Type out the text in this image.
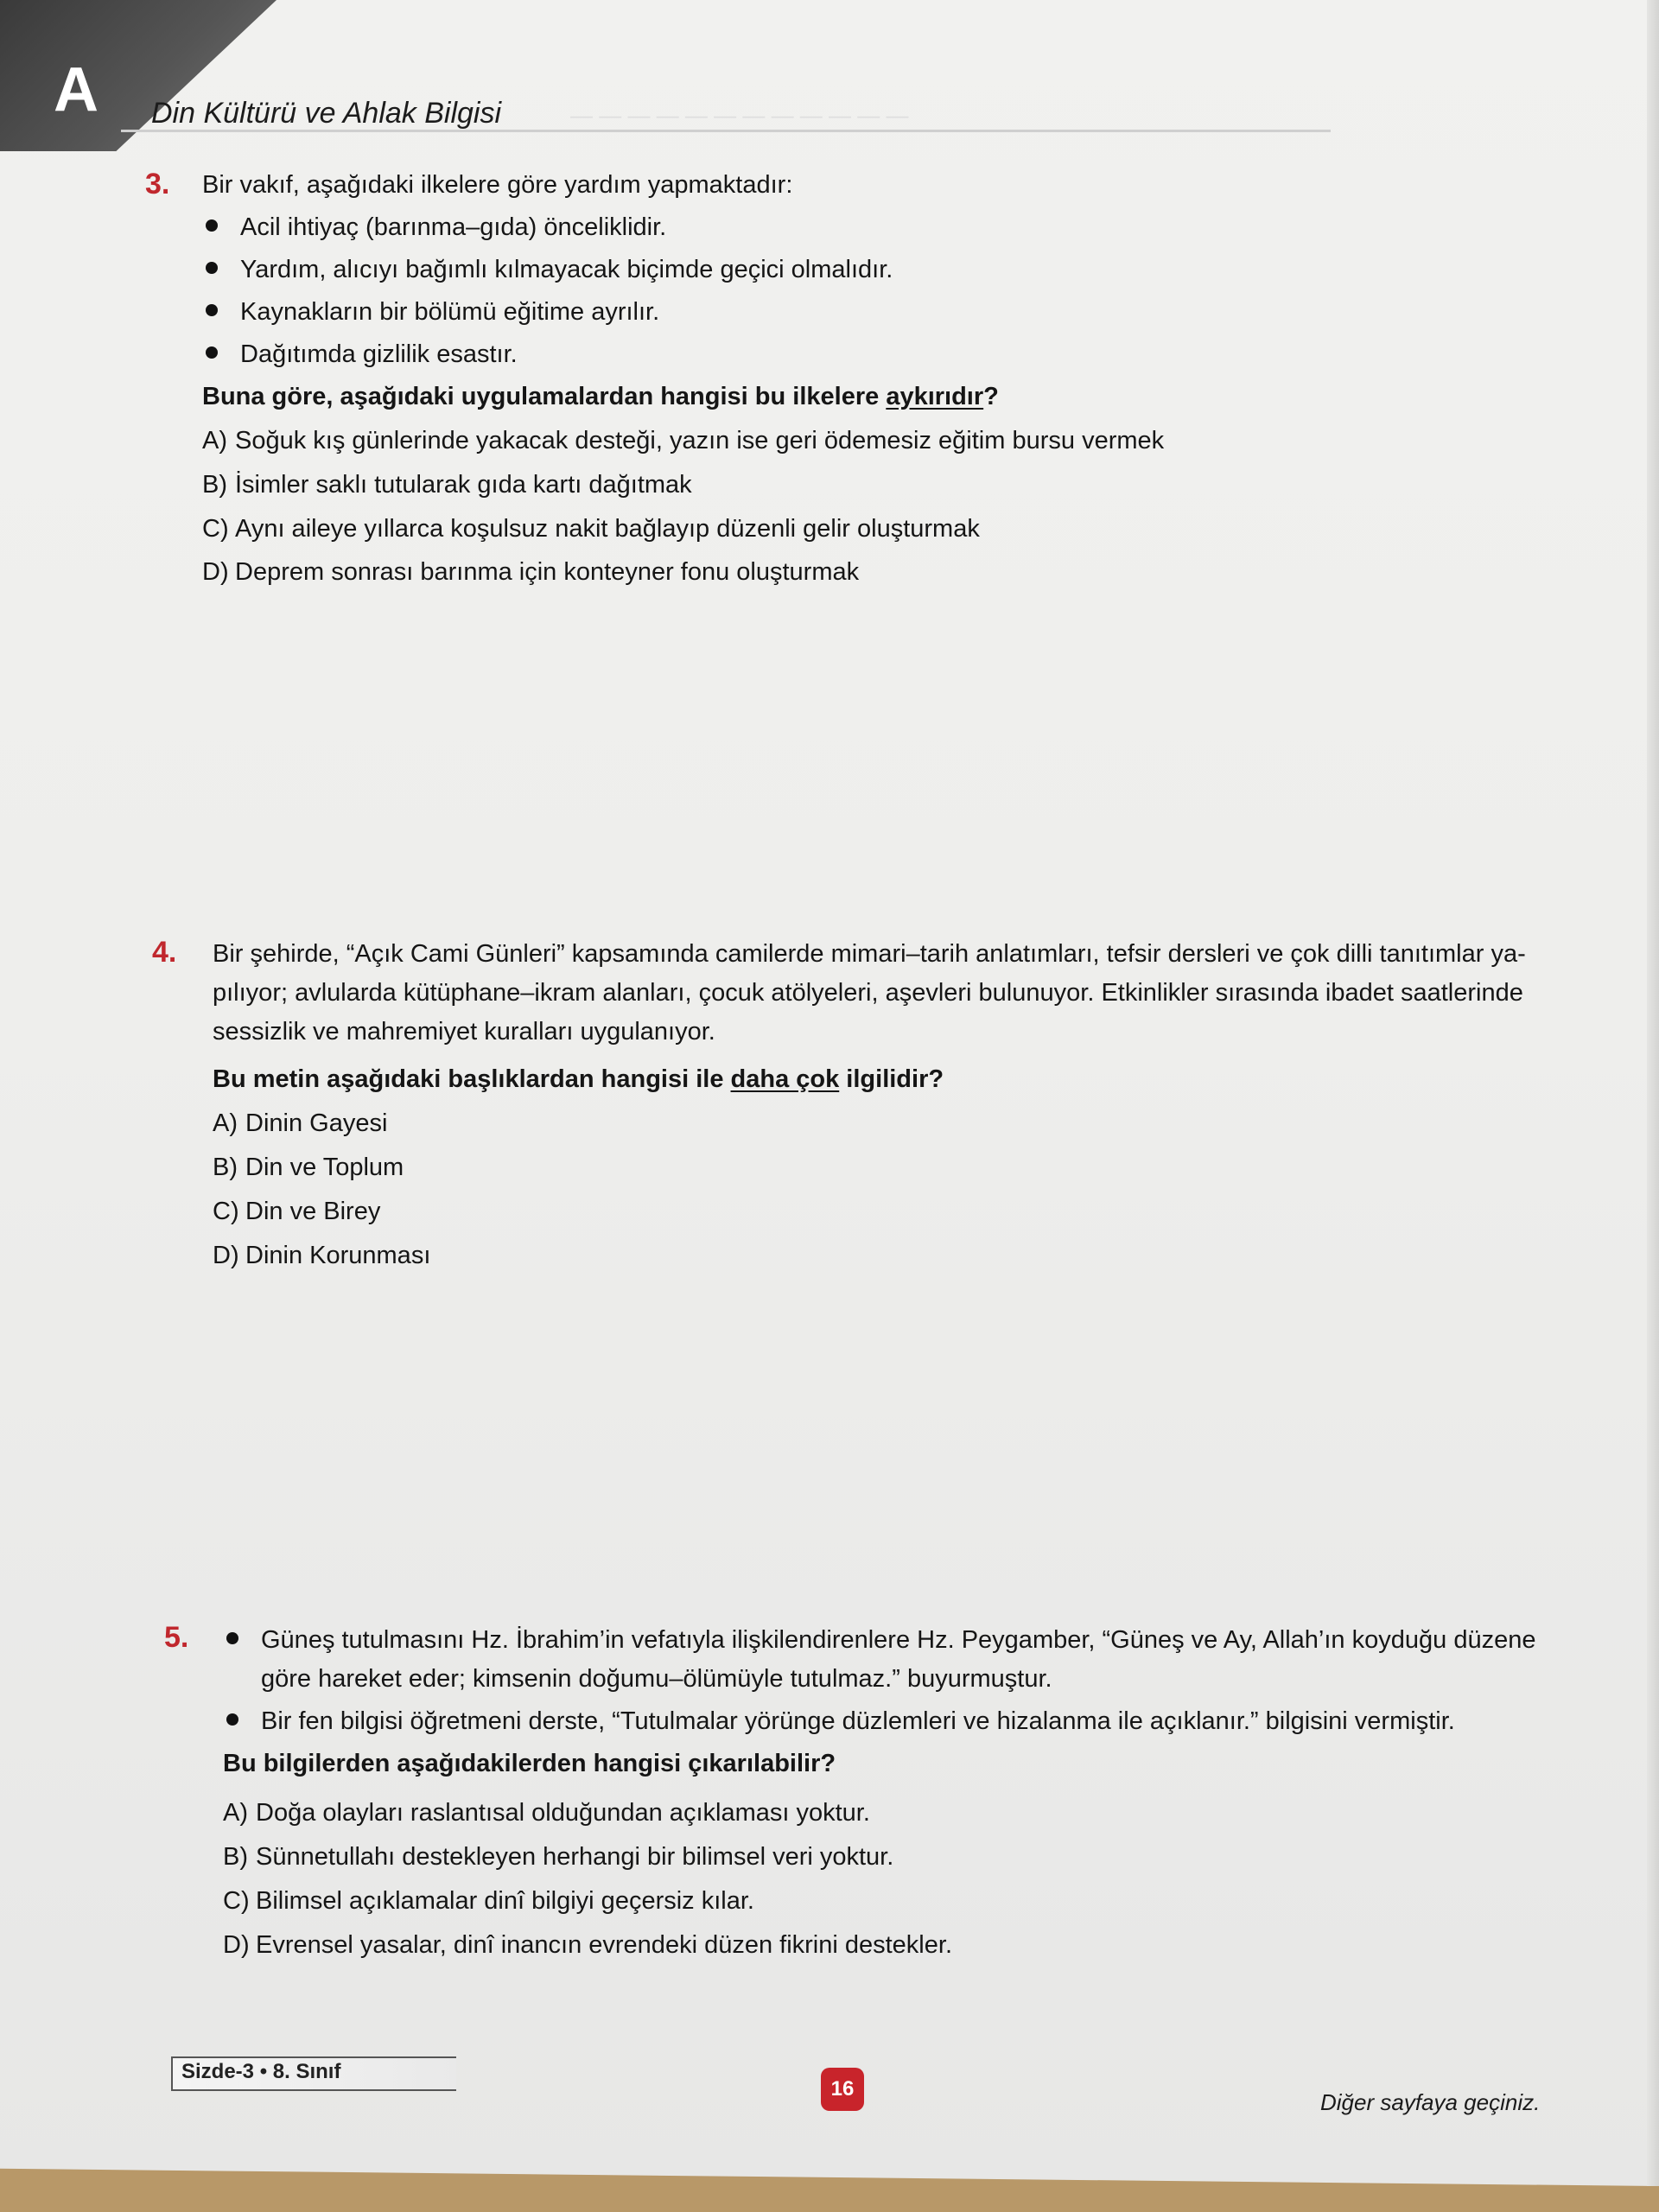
— — — — — — — — — — — —
A Din Kültürü ve Ahlak Bilgisi
3. Bir vakıf, aşağıdaki ilkelere göre yardım yapmaktadır:
Acil ihtiyaç (barınma–gıda) önceliklidir.
Yardım, alıcıyı bağımlı kılmayacak biçimde geçici olmalıdır.
Kaynakların bir bölümü eğitime ayrılır.
Dağıtımda gizlilik esastır.
Buna göre, aşağıdaki uygulamalardan hangisi bu ilkelere aykırıdır?
A) Soğuk kış günlerinde yakacak desteği, yazın ise geri ödemesiz eğitim bursu vermek
B) İsimler saklı tutularak gıda kartı dağıtmak
C) Aynı aileye yıllarca koşulsuz nakit bağlayıp düzenli gelir oluşturmak
D) Deprem sonrası barınma için konteyner fonu oluşturmak
4. Bir şehirde, “Açık Cami Günleri” kapsamında camilerde mimari–tarih anlatımları, tefsir dersleri ve çok dilli tanıtımlar ya-pılıyor; avlularda kütüphane–ikram alanları, çocuk atölyeleri, aşevleri bulunuyor. Etkinlikler sırasında ibadet saatlerinde sessizlik ve mahremiyet kuralları uygulanıyor.
Bu metin aşağıdaki başlıklardan hangisi ile daha çok ilgilidir?
A) Dinin Gayesi
B) Din ve Toplum
C) Din ve Birey
D) Dinin Korunması
5.	Güneş tutulmasını Hz. İbrahim’in vefatıyla ilişkilendirenlere Hz. Peygamber, “Güneş ve Ay, Allah’ın koyduğu düzene göre hareket eder; kimsenin doğumu–ölümüyle tutulmaz.” buyurmuştur.
Bir fen bilgisi öğretmeni derste, “Tutulmalar yörünge düzlemleri ve hizalanma ile açıklanır.” bilgisini vermiştir.
Bu bilgilerden aşağıdakilerden hangisi çıkarılabilir?
A) Doğa olayları raslantısal olduğundan açıklaması yoktur.
B) Sünnetullahı destekleyen herhangi bir bilimsel veri yoktur.
C) Bilimsel açıklamalar dinî bilgiyi geçersiz kılar.
D) Evrensel yasalar, dinî inancın evrendeki düzen fikrini destekler.
Sizde-3 • 8. Sınıf
16
Diğer sayfaya geçiniz.
